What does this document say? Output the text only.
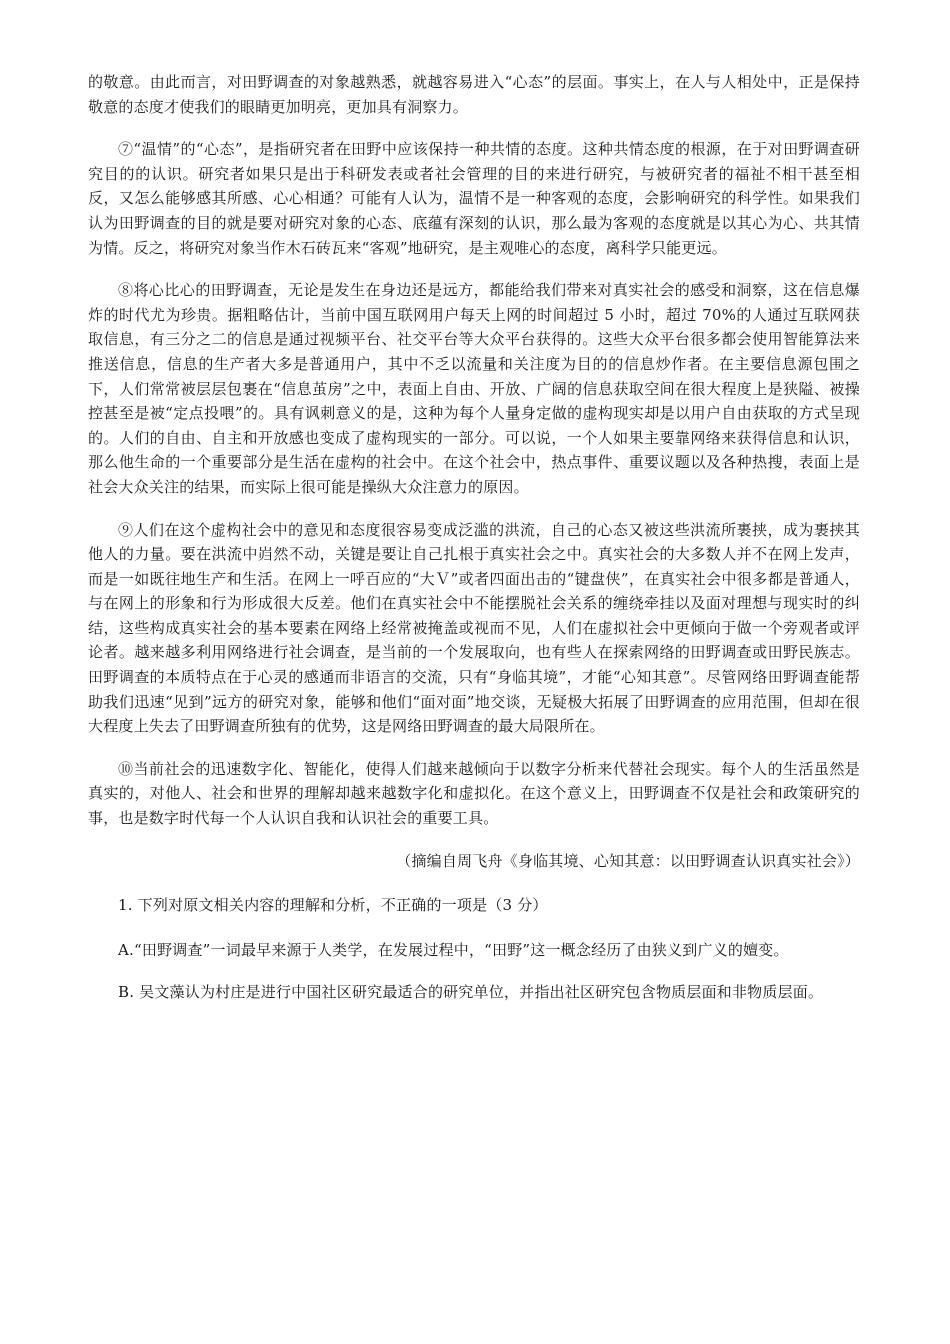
的敬意。由此而言，对田野调查的对象越熟悉，就越容易进入“心态”的层面。事实上，在人与人相处中，正是保持敬意的态度才使我们的眼睛更加明亮，更加具有洞察力。

⑦“温情”的“心态”，是指研究者在田野中应该保持一种共情的态度。这种共情态度的根源，在于对田野调查研究目的的认识。研究者如果只是出于科研发表或者社会管理的目的来进行研究，与被研究者的福祉不相干甚至相反，又怎么能够感其所感、心心相通？可能有人认为，温情不是一种客观的态度，会影响研究的科学性。如果我们认为田野调查的目的就是要对研究对象的心态、底蕴有深刻的认识，那么最为客观的态度就是以其心为心、共其情为情。反之，将研究对象当作木石砖瓦来“客观”地研究，是主观唯心的态度，离科学只能更远。

⑧将心比心的田野调查，无论是发生在身边还是远方，都能给我们带来对真实社会的感受和洞察，这在信息爆炸的时代尤为珍贵。据粗略估计，当前中国互联网用户每天上网的时间超过 5 小时，超过 70%的人通过互联网获取信息，有三分之二的信息是通过视频平台、社交平台等大众平台获得的。这些大众平台很多都会使用智能算法来推送信息，信息的生产者大多是普通用户，其中不乏以流量和关注度为目的的信息炒作者。在主要信息源包围之下，人们常常被层层包裹在“信息茧房”之中，表面上自由、开放、广阔的信息获取空间在很大程度上是狭隘、被操控甚至是被“定点投喂”的。具有讽刺意义的是，这种为每个人量身定做的虚构现实却是以用户自由获取的方式呈现的。人们的自由、自主和开放感也变成了虚构现实的一部分。可以说，一个人如果主要靠网络来获得信息和认识，那么他生命的一个重要部分是生活在虚构的社会中。在这个社会中，热点事件、重要议题以及各种热搜，表面上是社会大众关注的结果，而实际上很可能是操纵大众注意力的原因。

⑨人们在这个虚构社会中的意见和态度很容易变成泛滥的洪流，自己的心态又被这些洪流所裹挟，成为裹挟其他人的力量。要在洪流中岿然不动，关键是要让自己扎根于真实社会之中。真实社会的大多数人并不在网上发声，而是一如既往地生产和生活。在网上一呼百应的“大Ｖ”或者四面出击的“键盘侠”，在真实社会中很多都是普通人，与在网上的形象和行为形成很大反差。他们在真实社会中不能摆脱社会关系的缠绕牵挂以及面对理想与现实时的纠结，这些构成真实社会的基本要素在网络上经常被掩盖或视而不见，人们在虚拟社会中更倾向于做一个旁观者或评论者。越来越多利用网络进行社会调查，是当前的一个发展取向，也有些人在探索网络的田野调查或田野民族志。田野调查的本质特点在于心灵的感通而非语言的交流，只有“身临其境”，才能“心知其意”。尽管网络田野调查能帮助我们迅速“见到”远方的研究对象，能够和他们“面对面”地交谈，无疑极大拓展了田野调查的应用范围，但却在很大程度上失去了田野调查所独有的优势，这是网络田野调查的最大局限所在。

⑩当前社会的迅速数字化、智能化，使得人们越来越倾向于以数字分析来代替社会现实。每个人的生活虽然是真实的，对他人、社会和世界的理解却越来越数字化和虚拟化。在这个意义上，田野调查不仅是社会和政策研究的事，也是数字时代每一个人认识自我和认识社会的重要工具。

（摘编自周飞舟《身临其境、心知其意：以田野调查认识真实社会》）

1. 下列对原文相关内容的理解和分析，不正确的一项是（3 分）

A.“田野调查”一词最早来源于人类学，在发展过程中，“田野”这一概念经历了由狭义到广义的嬗变。

B. 吴文藻认为村庄是进行中国社区研究最适合的研究单位，并指出社区研究包含物质层面和非物质层面。
